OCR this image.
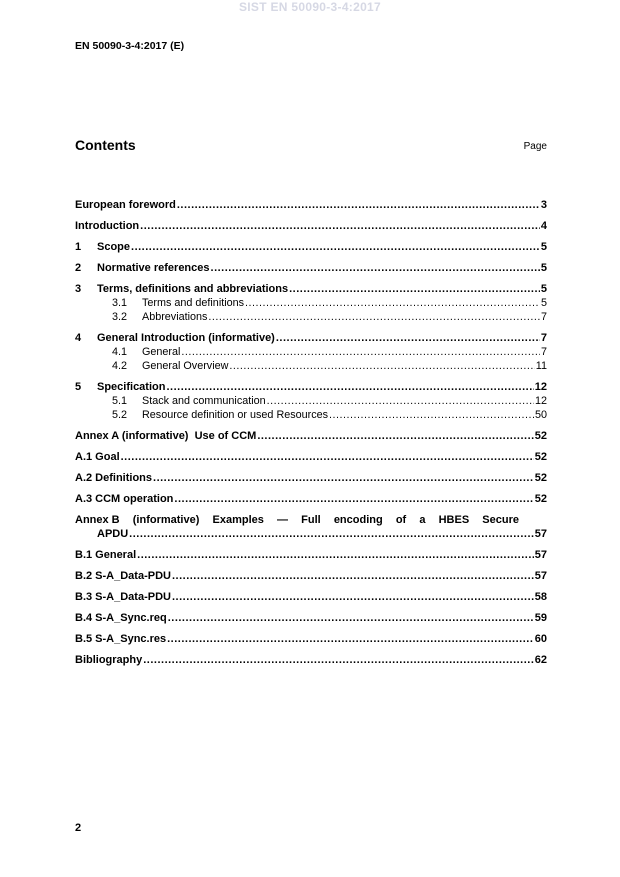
SIST EN 50090-3-4:2017
EN 50090-3-4:2017 (E)
Contents	Page
European foreword .....	3
Introduction .....	4
1	Scope .....	5
2	Normative references .....	5
3	Terms, definitions and abbreviations .....	5
3.1	Terms and definitions .....	5
3.2	Abbreviations .....	7
4	General Introduction (informative) .....	7
4.1	General .....	7
4.2	General Overview .....	11
5	Specification .....	12
5.1	Stack and communication .....	12
5.2	Resource definition or used Resources .....	50
Annex A (informative)  Use of CCM .....	52
A.1 Goal .....	52
A.2 Definitions .....	52
A.3 CCM operation .....	52
Annex B (informative) Examples — Full encoding of a HBES Secure
APDU .....	57
B.1 General .....	57
B.2 S-A_Data-PDU .....	57
B.3 S-A_Data-PDU .....	58
B.4 S-A_Sync.req .....	59
B.5 S-A_Sync.res .....	60
Bibliography .....	62
2
